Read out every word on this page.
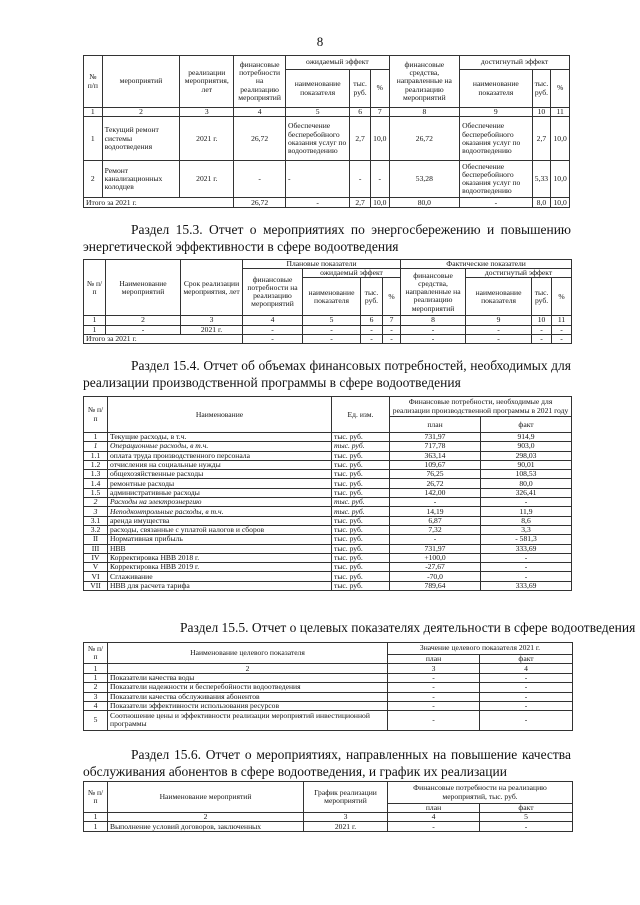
8
№ п/п	мероприятий	реализации мероприятия, лет	финансовые потребности на реализацию мероприятий	ожидаемый эффект			финансовые средства, направленные на реализацию мероприятий	достигнутый эффект		
				наименование показателя	тыс. руб.	%		наименование показателя	тыс. руб.	%
1	2	3	4	5	6	7	8	9	10	11
1	Текущий ремонт системы водоотведения	2021 г.	26,72	Обеспечение бесперебойного оказания услуг по водоотведению	2,7	10,0	26,72	Обеспечение бесперебойного оказания услуг по водоотведению	2,7	10,0
2	Ремонт канализационных колодцев	2021 г.	-	-	-	-	53,28	Обеспечение бесперебойного оказания услуг по водоотведению	5,33	10,0
Итого за 2021 г.			26,72	-	2,7	10,0	80,0	-	8,0	10,0
Раздел 15.3. Отчет о мероприятиях по энергосбережению и повышению
энергетической эффективности в сфере водоотведения
№ п/ п	Наименование мероприятий	Срок реализации мероприятия, лет	Плановые показатели				Фактические показатели			
			финансовые потребности на реализацию мероприятий	ожидаемый эффект			финансовые средства, направленные на реализацию мероприятий	достигнутый эффект		
				наименование показателя	тыс. руб.	%		наименование показателя	тыс. руб.	%
1	2	3	4	5	6	7	8	9	10	11
1	-	2021 г.	-	-	-	-	-	-	-	-
Итого за 2021 г.			-	-	-	-	-	-	-	-
Раздел 15.4. Отчет об объемах финансовых потребностей, необходимых для
реализации производственной программы в сфере водоотведения
№ п/п	Наименование	Ед. изм.	Финансовые потребности, необходимые для реализации производственной программы в 2021 году	
			план	факт
1	Текущие расходы, в т.ч.	тыс. руб.	731,97	914,9
1	Операционные расходы, в т.ч.	тыс. руб.	717,78	903,0
1.1	оплата труда производственного персонала	тыс. руб.	363,14	298,03
1.2	отчисления на социальные нужды	тыс. руб.	109,67	90,01
1.3	общехозяйственные расходы	тыс. руб.	76,25	108,53
1.4	ремонтные расходы	тыс. руб.	26,72	80,0
1.5	административные расходы	тыс. руб.	142,00	326,41
2	Расходы на электроэнергию	тыс. руб.	-	-
3	Неподконтрольные расходы, в т.ч.	тыс. руб.	14,19	11,9
3.1	аренда имущества	тыс. руб.	6,87	8,6
3.2	расходы, связанные с уплатой налогов и сборов	тыс. руб.	7,32	3,3
II	Нормативная прибыль	тыс. руб.	-	- 581,3
III	НВВ	тыс. руб.	731,97	333,69
IV	Корректировка НВВ 2018 г.	тыс. руб.	+100,0	-
V	Корректировка НВВ 2019 г.	тыс. руб.	-27,67	-
VI	Сглаживание	тыс. руб.	-70,0	-
VII	НВВ для расчета тарифа	тыс. руб.	789,64	333,69
Раздел 15.5. Отчет о целевых показателях деятельности в сфере водоотведения
№ п/п	Наименование целевого показателя	Значение целевого показателя 2021 г.	
		план	факт
1	2	3	4
1	Показатели качества воды	-	-
2	Показатели надежности и бесперебойности водоотведения	-	-
3	Показатели качества обслуживания абонентов	-	-
4	Показатели эффективности использования ресурсов	-	-
5	Соотношение цены и эффективности реализации мероприятий инвестиционной программы	-	-
Раздел 15.6. Отчет о мероприятиях, направленных на повышение качества
обслуживания абонентов в сфере водоотведения, и график их реализации
№ п/п	Наименование мероприятий	График реализации мероприятий	Финансовые потребности на реализацию мероприятий, тыс. руб.	
			план	факт
1	2	3	4	5
1	Выполнение условий договоров, заключенных	2021 г.	-	-
